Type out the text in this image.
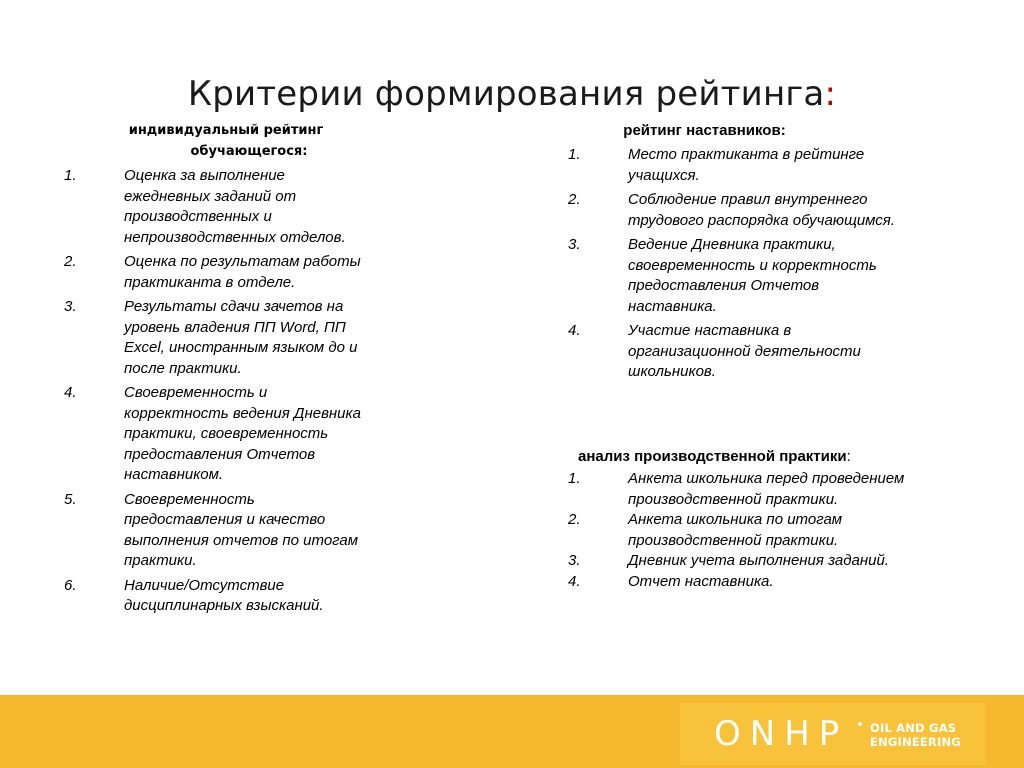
Критерии формирования рейтинга:
индивидуальный рейтинг
обучающегося:
1.	Оценка за выполнение ежедневных заданий от производственных и непроизводственных отделов.
2.	Оценка по результатам работы практиканта в отделе.
3.	Результаты сдачи зачетов на уровень владения ПП Word, ПП Excel, иностранным языком до и после практики.
4.	Своевременность и корректность ведения Дневника практики, своевременность предоставления Отчетов наставником.
5.	Своевременность предоставления и качество выполнения отчетов по итогам практики.
6.	Наличие/Отсутствие дисциплинарных взысканий.
рейтинг наставников:
1.	Место практиканта в рейтинге учащихся.
2.	Соблюдение правил внутреннего трудового распорядка обучающимся.
3.	Ведение Дневника практики, своевременность и корректность предоставления Отчетов наставника.
4.	Участие наставника в организационной деятельности школьников.
анализ производственной практики:
1.	Анкета школьника перед проведением производственной практики.
2.	Анкета школьника по итогам производственной практики.
3.	Дневник учета выполнения заданий.
4.	Отчет наставника.
ONHP OIL AND GAS
ENGINEERING
